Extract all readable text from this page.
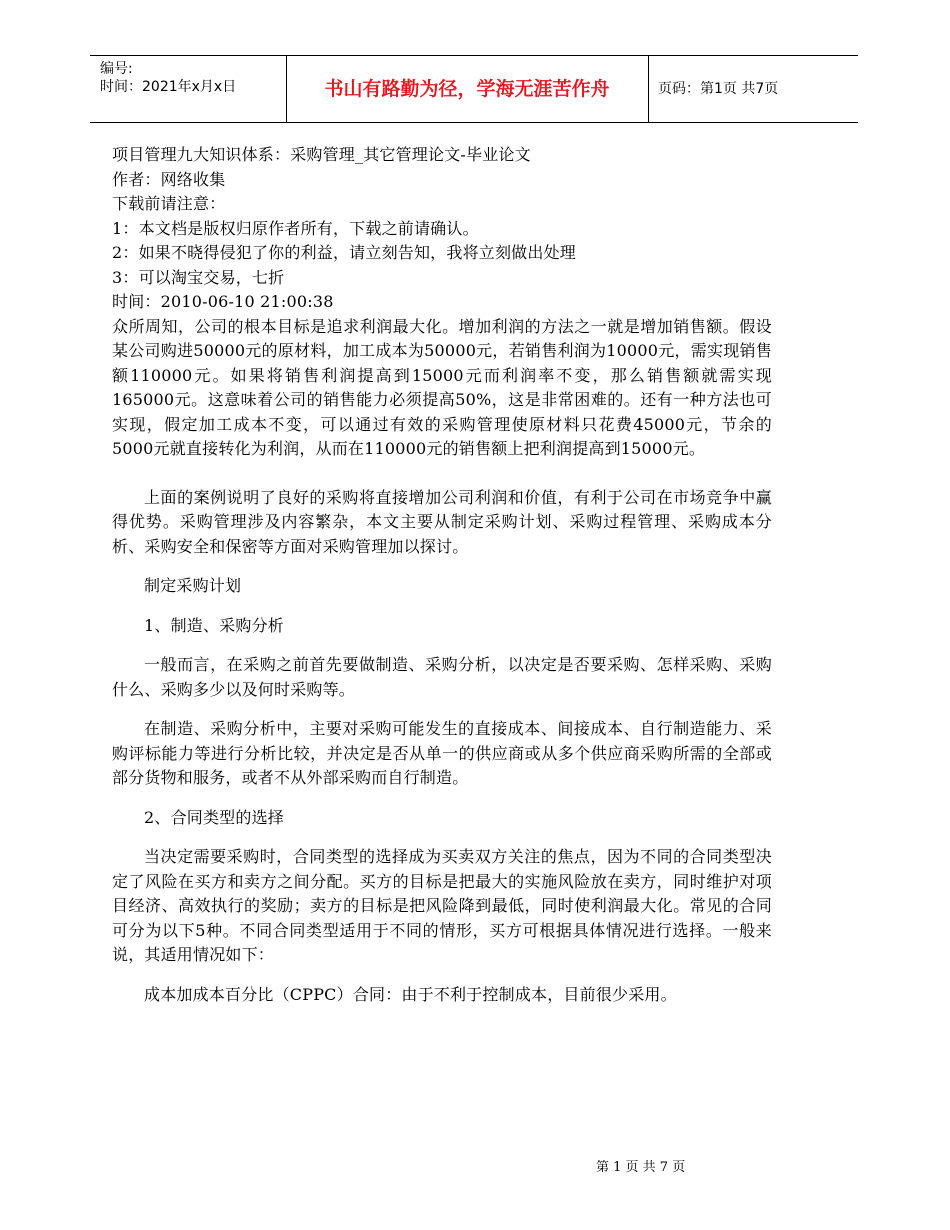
编号:
时间：2021年x月x日	书山有路勤为径，学海无涯苦作舟	页码：第1页 共7页

项目管理九大知识体系：采购管理_其它管理论文-毕业论文

作者：网络收集

下载前请注意：

1：本文档是版权归原作者所有，下载之前请确认。

2：如果不晓得侵犯了你的利益，请立刻告知，我将立刻做出处理

3：可以淘宝交易，七折

时间：2010-06-10 21:00:38

众所周知，公司的根本目标是追求利润最大化。增加利润的方法之一就是增加销售额。假设某公司购进50000元的原材料，加工成本为50000元，若销售利润为10000元，需实现销售额110000元。如果将销售利润提高到15000元而利润率不变，那么销售额就需实现165000元。这意味着公司的销售能力必须提高50%，这是非常困难的。还有一种方法也可实现，假定加工成本不变，可以通过有效的采购管理使原材料只花费45000元，节余的5000元就直接转化为利润，从而在110000元的销售额上把利润提高到15000元。

上面的案例说明了良好的采购将直接增加公司利润和价值，有利于公司在市场竞争中赢得优势。采购管理涉及内容繁杂，本文主要从制定采购计划、采购过程管理、采购成本分析、采购安全和保密等方面对采购管理加以探讨。

制定采购计划

1、制造、采购分析

一般而言，在采购之前首先要做制造、采购分析，以决定是否要采购、怎样采购、采购什么、采购多少以及何时采购等。

在制造、采购分析中，主要对采购可能发生的直接成本、间接成本、自行制造能力、采购评标能力等进行分析比较，并决定是否从单一的供应商或从多个供应商采购所需的全部或部分货物和服务，或者不从外部采购而自行制造。

2、合同类型的选择

当决定需要采购时，合同类型的选择成为买卖双方关注的焦点，因为不同的合同类型决定了风险在买方和卖方之间分配。买方的目标是把最大的实施风险放在卖方，同时维护对项目经济、高效执行的奖励；卖方的目标是把风险降到最低，同时使利润最大化。常见的合同可分为以下5种。不同合同类型适用于不同的情形，买方可根据具体情况进行选择。一般来说，其适用情况如下：

成本加成本百分比（CPPC）合同：由于不利于控制成本，目前很少采用。

第 1 页 共 7 页
